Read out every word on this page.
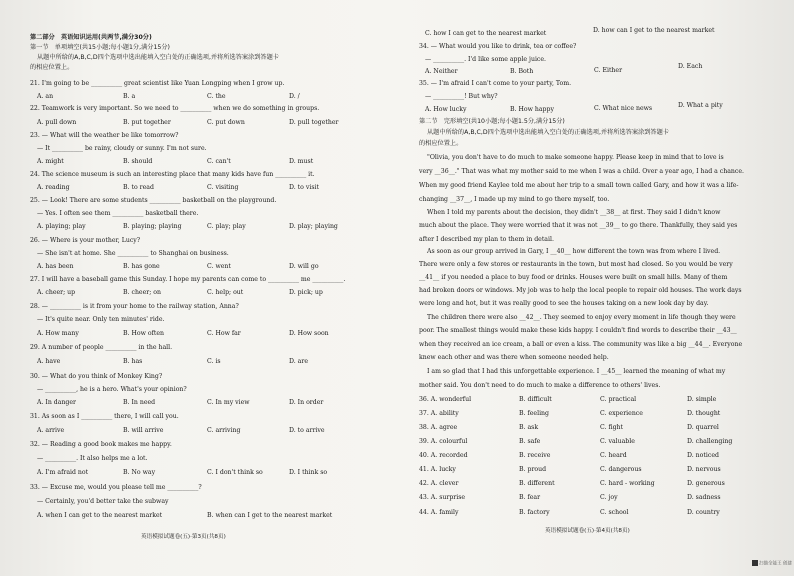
第二部分　英语知识运用(共两节,满分30分)
第一节　单项填空(共15小题;每小题1分,满分15分)
从题中所给的A,B,C,D四个选项中选出能填入空白处的正确选项,并将所选答案涂到答题卡
的相应位置上。
21. I'm going to be __________ great scientist like Yuan Longping when I grow up.
A. an	B. a	C. the	D. /
22. Teamwork is very important. So we need to __________ when we do something in groups.
A. pull down	B. put together	C. put down	D. pull together
23. — What will the weather be like tomorrow?
— It __________ be rainy, cloudy or sunny. I'm not sure.
A. might	B. should	C. can't	D. must
24. The science museum is such an interesting place that many kids have fun __________ it.
A. reading	B. to read	C. visiting	D. to visit
25. — Look! There are some students __________ basketball on the playground.
— Yes. I often see them __________ basketball there.
A. playing; play	B. playing; playing	C. play; play	D. play; playing
26. — Where is your mother, Lucy?
— She isn't at home. She __________ to Shanghai on business.
A. has been	B. has gone	C. went	D. will go
27. I will have a baseball game this Sunday. I hope my parents can come to __________ me __________.
A. cheer; up	B. cheer; on	C. help; out	D. pick; up
28. — __________ is it from your home to the railway station, Anna?
— It's quite near. Only ten minutes' ride.
A. How many	B. How often	C. How far	D. How soon
29. A number of people __________ in the hall.
A. have	B. has	C. is	D. are
30. — What do you think of Monkey King?
— __________, he is a hero. What's your opinion?
A. In danger	B. In need	C. In my view	D. In order
31. As soon as I __________ there, I will call you.
A. arrive	B. will arrive	C. arriving	D. to arrive
32. — Reading a good book makes me happy.
— __________. It also helps me a lot.
A. I'm afraid not	B. No way	C. I don't think so	D. I think so
33. — Excuse me, would you please tell me __________?
— Certainly, you'd better take the subway
A. when I can get to the nearest market	B. when can I get to the nearest market
英语模拟试题卷(五)·第3页(共8页)
C. how I can get to the nearest market	D. how can I get to the nearest market
34. — What would you like to drink, tea or coffee?
— __________. I'd like some apple juice.
A. Neither	B. Both	C. Either
D. Each
35. — I'm afraid I can't come to your party, Tom.
— __________! But why?
A. How lucky	B. How happy	C. What nice news	D. What a pity
第二节　完形填空(共10小题;每小题1.5分,满分15分)
从题中所给的A,B,C,D四个选项中选出能填入空白处的正确选项,并将所选答案涂到答题卡
的相应位置上。
"Olivia, you don't have to do much to make someone happy. Please keep in mind that to love is
very __36__." That was what my mother said to me when I was a child. Over a year ago, I had a chance.
When my good friend Kaylee told me about her trip to a small town called Gary, and how it was a life-
changing __37__, I made up my mind to go there myself, too.
When I told my parents about the decision, they didn't __38__ at first. They said I didn't know
much about the place. They were worried that it was not __39__ to go there. Thankfully, they said yes
after I described my plan to them in detail.
As soon as our group arrived in Gary, I __40__ how different the town was from where I lived.
There were only a few stores or restaurants in the town, but most had closed. So you would be very
__41__ if you needed a place to buy food or drinks. Houses were built on small hills. Many of them
had broken doors or windows. My job was to help the local people to repair old houses. The work days
were long and hot, but it was really good to see the houses taking on a new look day by day.
The children there were also __42__. They seemed to enjoy every moment in life though they were
poor. The smallest things would make these kids happy. I couldn't find words to describe their __43__
when they received an ice cream, a ball or even a kiss. The community was like a big __44__. Everyone
knew each other and was there when someone needed help.
I am so glad that I had this unforgettable experience. I __45__ learned the meaning of what my
mother said. You don't need to do much to make a difference to others' lives.
36. A. wonderful	B. difficult	C. practical	D. simple
37. A. ability	B. feeling	C. experience	D. thought
38. A. agree	B. ask	C. fight	D. quarrel
39. A. colourful	B. safe	C. valuable	D. challenging
40. A. recorded	B. receive	C. heard	D. noticed
41. A. lucky	B. proud	C. dangerous	D. nervous
42. A. clever	B. different	C. hard - working	D. generous
43. A. surprise	B. fear	C. joy	D. sadness
44. A. family	B. factory	C. school	D. country
英语模拟试题卷(五)·第4页(共8页)
扫描全能王 创建
